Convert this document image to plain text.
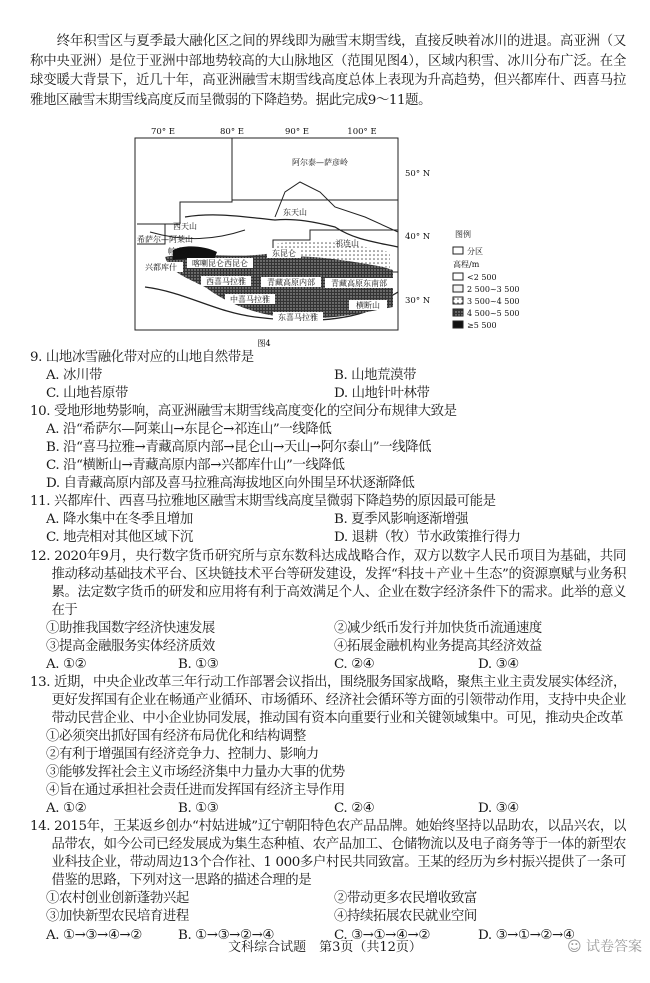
终年积雪区与夏季最大融化区之间的界线即为融雪末期雪线，直接反映着冰川的进退。高亚洲（又称中央亚洲）是位于亚洲中部地势较高的大山脉地区（范围见图4），区域内积雪、冰川分布广泛。在全球变暖大背景下，近几十年，高亚洲融雪末期雪线高度总体上表现为升高趋势，但兴都库什、西喜马拉雅地区融雪末期雪线高度反而呈微弱的下降趋势。据此完成9～11题。
70° E	80° E	90° E	100° E
50° N
40° N
30° N
阿尔泰—萨彦岭
东天山
西天山
希萨尔—阿莱山
帕米尔
兴都库什 喀喇昆仑西昆仑
东昆仑
祁连山
西喜马拉雅	青藏高原内部 青藏高原东南部
中喜马拉雅
横断山
东喜马拉雅
图例
分区
高程/m
<2 500
2 500~3 500
3 500~4 500
4 500~5 500
≥5 500
图4
9. 山地冰雪融化带对应的山地自然带是
A. 冰川带	B. 山地荒漠带
C. 山地苔原带	D. 山地针叶林带
10. 受地形地势影响，高亚洲融雪末期雪线高度变化的空间分布规律大致是
A. 沿“希萨尔—阿莱山→东昆仑→祁连山”一线降低
B. 沿“喜马拉雅→青藏高原内部→昆仑山→天山→阿尔泰山”一线降低
C. 沿“横断山→青藏高原内部→兴都库什山”一线降低
D. 自青藏高原内部及喜马拉雅高海拔地区向外围呈环状逐渐降低
11. 兴都库什、西喜马拉雅地区融雪末期雪线高度呈微弱下降趋势的原因最可能是
A. 降水集中在冬季且增加	B. 夏季风影响逐渐增强
C. 地壳相对其他区域下沉	D. 退耕（牧）节水政策推行得力
12. 2020年9月，央行数字货币研究所与京东数科达成战略合作，双方以数字人民币项目为基础，共同推动移动基础技术平台、区块链技术平台等研发建设，发挥“科技＋产业＋生态”的资源禀赋与业务积累。法定数字货币的研发和应用将有利于高效满足个人、企业在数字经济条件下的需求。此举的意义在于
①助推我国数字经济快速发展	②减少纸币发行并加快货币流通速度
③提高金融服务实体经济质效	④拓展金融机构业务提高其经济效益
A. ①②	B. ①③	C. ②④	D. ③④
13. 近期，中央企业改革三年行动工作部署会议指出，围绕服务国家战略，聚焦主业主责发展实体经济，更好发挥国有企业在畅通产业循环、市场循环、经济社会循环等方面的引领带动作用，支持中央企业带动民营企业、中小企业协同发展，推动国有资本向重要行业和关键领域集中。可见，推动央企改革
①必须突出抓好国有经济布局优化和结构调整
②有利于增强国有经济竞争力、控制力、影响力
③能够发挥社会主义市场经济集中力量办大事的优势
④旨在通过承担社会责任进而发挥国有经济主导作用
A. ①②	B. ①③	C. ②④	D. ③④
14. 2015年，王某返乡创办“村姑进城”辽宁朝阳特色农产品品牌。她始终坚持以品助农，以品兴农，以品带农，如今公司已经发展成为集生态种植、农产品加工、仓储物流以及电子商务等于一体的新型农业科技企业，带动周边13个合作社、1 000多户村民共同致富。王某的经历为乡村振兴提供了一条可借鉴的思路，下列对这一思路的描述合理的是
①农村创业创新蓬勃兴起	②带动更多农民增收致富
③加快新型农民培育进程	④持续拓展农民就业空间
A. ①→③→④→②	B. ①→③→②→④	C. ③→①→④→②	D. ③→①→②→④
文科综合试题　第3页（共12页）	☺ 试卷答案
